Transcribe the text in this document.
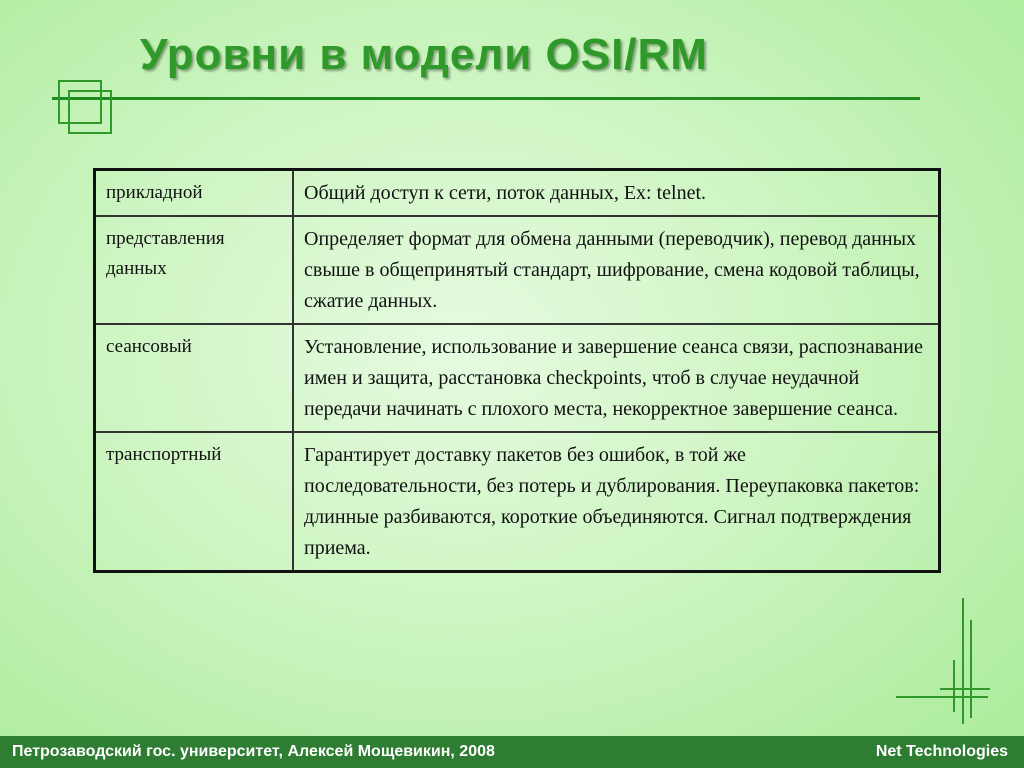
Уровни в модели OSI/RM
прикладной	Общий доступ к сети, поток данных, Ex: telnet.
представления данных	Определяет формат для обмена данными (переводчик), перевод данных свыше в общепринятый стандарт, шифрование, смена кодовой таблицы, сжатие данных.
сеансовый	Установление, использование и завершение сеанса связи, распознавание имен и защита, расстановка checkpoints, чтоб в случае неудачной передачи начинать с плохого места, некорректное завершение сеанса.
транспортный	Гарантирует доставку пакетов без ошибок, в той же последовательности, без потерь и дублирования. Переупаковка пакетов: длинные разбиваются, короткие объединяются. Сигнал подтверждения приема.
Петрозаводский гос. университет, Алексей Мощевикин, 2008	Net Technologies
